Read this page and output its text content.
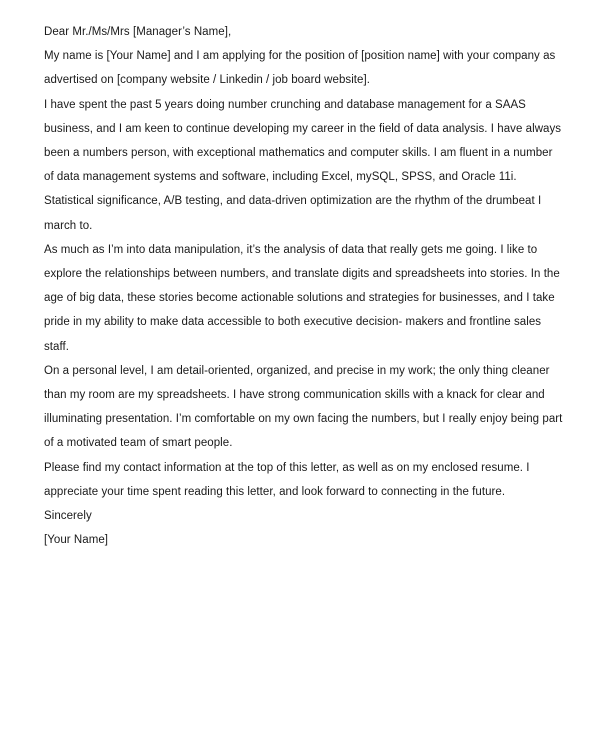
Dear Mr./Ms/Mrs [Manager’s Name],

My name is [Your Name] and I am applying for the position of [position name] with your company as advertised on [company website / Linkedin / job board website].

I have spent the past 5 years doing number crunching and database management for a SAAS business, and I am keen to continue developing my career in the field of data analysis. I have always been a numbers person, with exceptional mathematics and computer skills. I am fluent in a number of data management systems and software, including Excel, mySQL, SPSS, and Oracle 11i. Statistical significance, A/B testing, and data-driven optimization are the rhythm of the drumbeat I march to.

As much as I’m into data manipulation, it’s the analysis of data that really gets me going. I like to explore the relationships between numbers, and translate digits and spreadsheets into stories. In the age of big data, these stories become actionable solutions and strategies for businesses, and I take pride in my ability to make data accessible to both executive decision- makers and frontline sales staff.

On a personal level, I am detail-oriented, organized, and precise in my work; the only thing cleaner than my room are my spreadsheets. I have strong communication skills with a knack for clear and illuminating presentation. I’m comfortable on my own facing the numbers, but I really enjoy being part of a motivated team of smart people.

Please find my contact information at the top of this letter, as well as on my enclosed resume. I appreciate your time spent reading this letter, and look forward to connecting in the future.

Sincerely

[Your Name]
